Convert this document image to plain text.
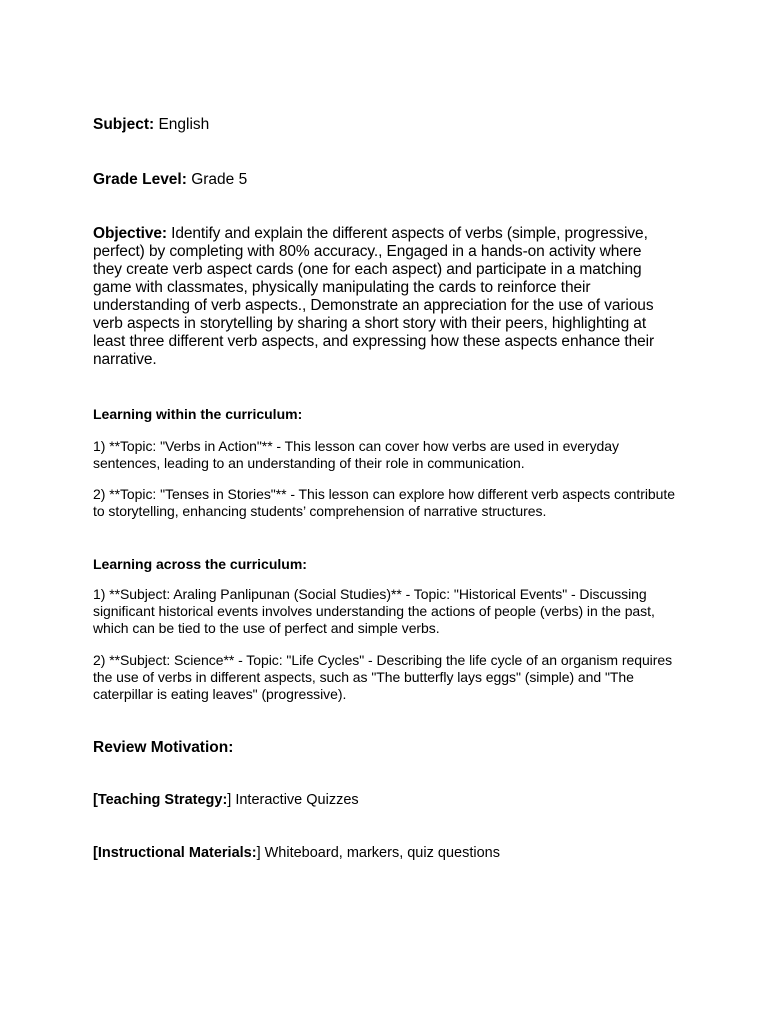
Subject: English
Grade Level: Grade 5
Objective: Identify and explain the different aspects of verbs (simple, progressive, perfect) by completing with 80% accuracy., Engaged in a hands-on activity where they create verb aspect cards (one for each aspect) and participate in a matching game with classmates, physically manipulating the cards to reinforce their understanding of verb aspects., Demonstrate an appreciation for the use of various verb aspects in storytelling by sharing a short story with their peers, highlighting at least three different verb aspects, and expressing how these aspects enhance their narrative.
Learning within the curriculum:
1) **Topic: "Verbs in Action"** - This lesson can cover how verbs are used in everyday sentences, leading to an understanding of their role in communication.
2) **Topic: "Tenses in Stories"** - This lesson can explore how different verb aspects contribute to storytelling, enhancing students’ comprehension of narrative structures.
Learning across the curriculum:
1) **Subject: Araling Panlipunan (Social Studies)** - Topic: "Historical Events" - Discussing significant historical events involves understanding the actions of people (verbs) in the past, which can be tied to the use of perfect and simple verbs.
2) **Subject: Science** - Topic: "Life Cycles" - Describing the life cycle of an organism requires the use of verbs in different aspects, such as "The butterfly lays eggs" (simple) and "The caterpillar is eating leaves" (progressive).
Review Motivation:
[Teaching Strategy:] Interactive Quizzes
[Instructional Materials:] Whiteboard, markers, quiz questions
